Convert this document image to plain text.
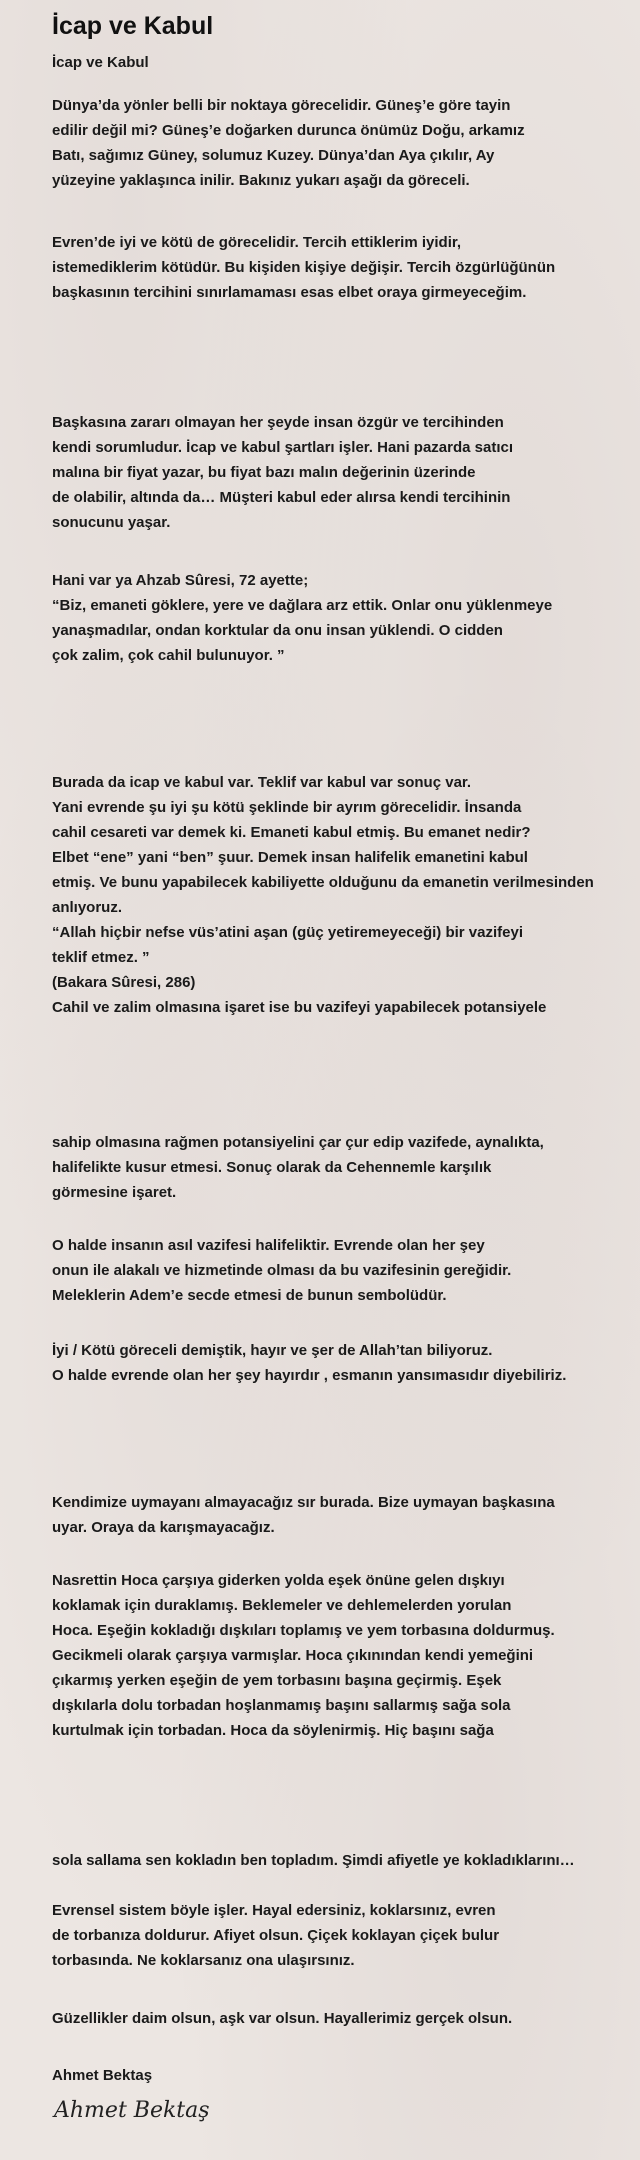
İcap ve Kabul
İcap ve Kabul
Dünya’da yönler belli bir noktaya görecelidir. Güneş’e göre tayin
edilir değil mi? Güneş’e doğarken durunca önümüz Doğu, arkamız
Batı, sağımız Güney, solumuz Kuzey. Dünya’dan Aya çıkılır, Ay
yüzeyine yaklaşınca inilir. Bakınız yukarı aşağı da göreceli.
Evren’de iyi ve kötü de görecelidir. Tercih ettiklerim iyidir,
istemediklerim kötüdür. Bu kişiden kişiye değişir. Tercih özgürlüğünün
başkasının tercihini sınırlamaması esas elbet oraya girmeyeceğim.
Başkasına zararı olmayan her şeyde insan özgür ve tercihinden
kendi sorumludur. İcap ve kabul şartları işler. Hani pazarda satıcı
malına bir fiyat yazar, bu fiyat bazı malın değerinin üzerinde
de olabilir, altında da… Müşteri kabul eder alırsa kendi tercihinin
sonucunu yaşar.
Hani var ya Ahzab Sûresi, 72 ayette;
“Biz, emaneti göklere, yere ve dağlara arz ettik. Onlar onu yüklenmeye
yanaşmadılar, ondan korktular da onu insan yüklendi. O cidden
çok zalim, çok cahil bulunuyor. ”
Burada da icap ve kabul var. Teklif var kabul var sonuç var.
Yani evrende şu iyi şu kötü şeklinde bir ayrım görecelidir. İnsanda
cahil cesareti var demek ki. Emaneti kabul etmiş. Bu emanet nedir?
Elbet “ene” yani “ben” şuur. Demek insan halifelik emanetini kabul
etmiş. Ve bunu yapabilecek kabiliyette olduğunu da emanetin verilmesinden
anlıyoruz.
“Allah hiçbir nefse vüs’atini aşan (güç yetiremeyeceği) bir vazifeyi
teklif etmez. ”
(Bakara Sûresi, 286)
Cahil ve zalim olmasına işaret ise bu vazifeyi yapabilecek potansiyele
sahip olmasına rağmen potansiyelini çar çur edip vazifede, aynalıkta,
halifelikte kusur etmesi. Sonuç olarak da Cehennemle karşılık
görmesine işaret.
O halde insanın asıl vazifesi halifeliktir. Evrende olan her şey
onun ile alakalı ve hizmetinde olması da bu vazifesinin gereğidir.
Meleklerin Adem’e secde etmesi de bunun sembolüdür.
İyi / Kötü göreceli demiştik, hayır ve şer de Allah’tan biliyoruz.
O halde evrende olan her şey hayırdır , esmanın yansımasıdır diyebiliriz.
Kendimize uymayanı almayacağız sır burada. Bize uymayan başkasına
uyar. Oraya da karışmayacağız.
Nasrettin Hoca çarşıya giderken yolda eşek önüne gelen dışkıyı
koklamak için duraklamış. Beklemeler ve dehlemelerden yorulan
Hoca. Eşeğin kokladığı dışkıları toplamış ve yem torbasına doldurmuş.
Gecikmeli olarak çarşıya varmışlar. Hoca çıkınından kendi yemeğini
çıkarmış yerken eşeğin de yem torbasını başına geçirmiş. Eşek
dışkılarla dolu torbadan hoşlanmamış başını sallarmış sağa sola
kurtulmak için torbadan. Hoca da söylenirmiş. Hiç başını sağa
sola sallama sen kokladın ben topladım. Şimdi afiyetle ye kokladıklarını…
Evrensel sistem böyle işler. Hayal edersiniz, koklarsınız, evren
de torbanıza doldurur. Afiyet olsun. Çiçek koklayan çiçek bulur
torbasında. Ne koklarsanız ona ulaşırsınız.
Güzellikler daim olsun, aşk var olsun. Hayallerimiz gerçek olsun.
Ahmet Bektaş
Ahmet Bektaş
